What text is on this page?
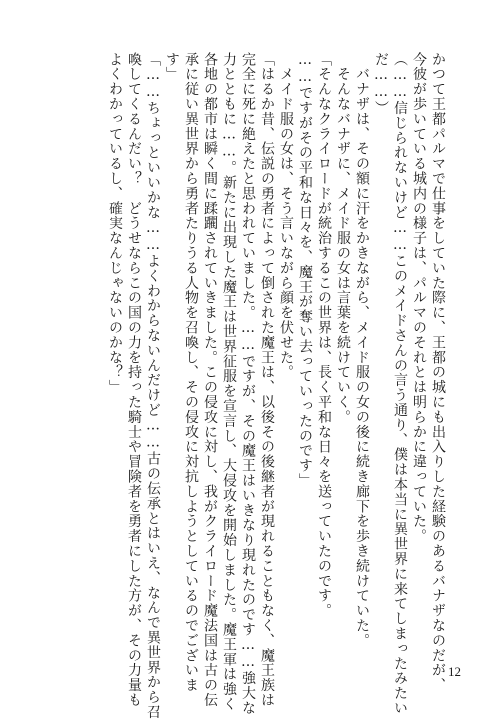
かつて王都パルマで仕事をしていた際に、王都の城にも出入りした経験のあるバナザなのだが、
今彼が歩いている城内の様子は、パルマのそれとは明らかに違っていた。
（……信じられないけど……このメイドさんの言う通り、僕は本当に異世界に来てしまったみたい
だ……）
　バナザは、その額に汗をかきながら、メイド服の女の後に続き廊下を歩き続けていた。
　そんなバナザに、メイド服の女は言葉を続けていく。
「そんなクライロードが統治するこの世界は、長く平和な日々を送っていたのです。
……ですがその平和な日々を、魔王が奪い去っていったのです」
　メイド服の女は、そう言いながら顔を伏せた。
「はるか昔、伝説の勇者によって倒された魔王は、以後その後継者が現れることもなく、魔王族は
完全に死に絶えたと思われていました。……ですが、その魔王はいきなり現れたのです……強大な
力とともに……。新たに出現した魔王は世界征服を宣言し、大侵攻を開始しました。魔王軍は強く
各地の都市は瞬く間に蹂躙されていきました。この侵攻に対し、我がクライロード魔法国は古の伝
承に従い異世界から勇者たりうる人物を召喚し、その侵攻に対抗しようとしているのでございま
す」
「……ちょっといいかな……よくわからないんだけど……古の伝承とはいえ、なんで異世界から召
喚してくるんだい？　どうせならこの国の力を持った騎士や冒険者を勇者にした方が、その力量も
よくわかっているし、確実なんじゃないのかな？」
12
